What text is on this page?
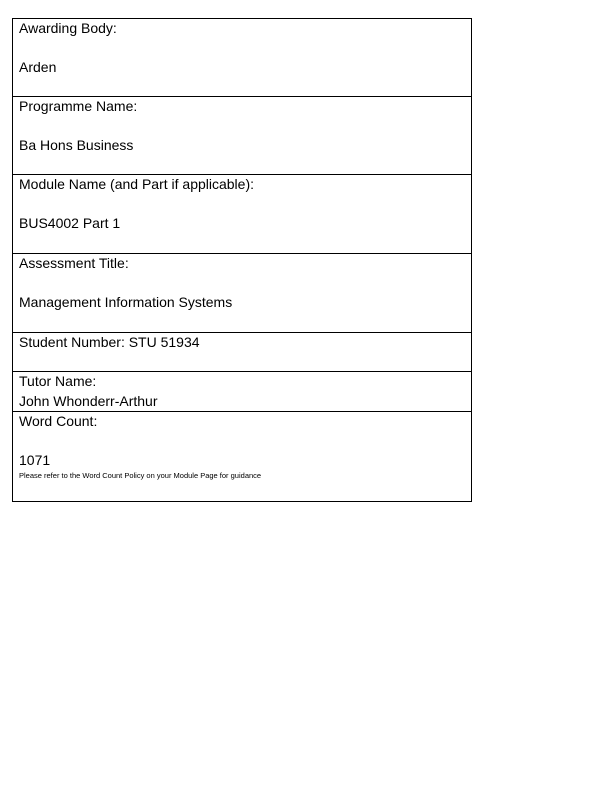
Awarding Body:
Arden

Programme Name:
Ba Hons Business

Module Name (and Part if applicable):
BUS4002 Part 1

Assessment Title:
Management Information Systems

Student Number: STU 51934

Tutor Name:
John Whonderr-Arthur

Word Count:
1071
Please refer to the Word Count Policy on your Module Page for guidance
